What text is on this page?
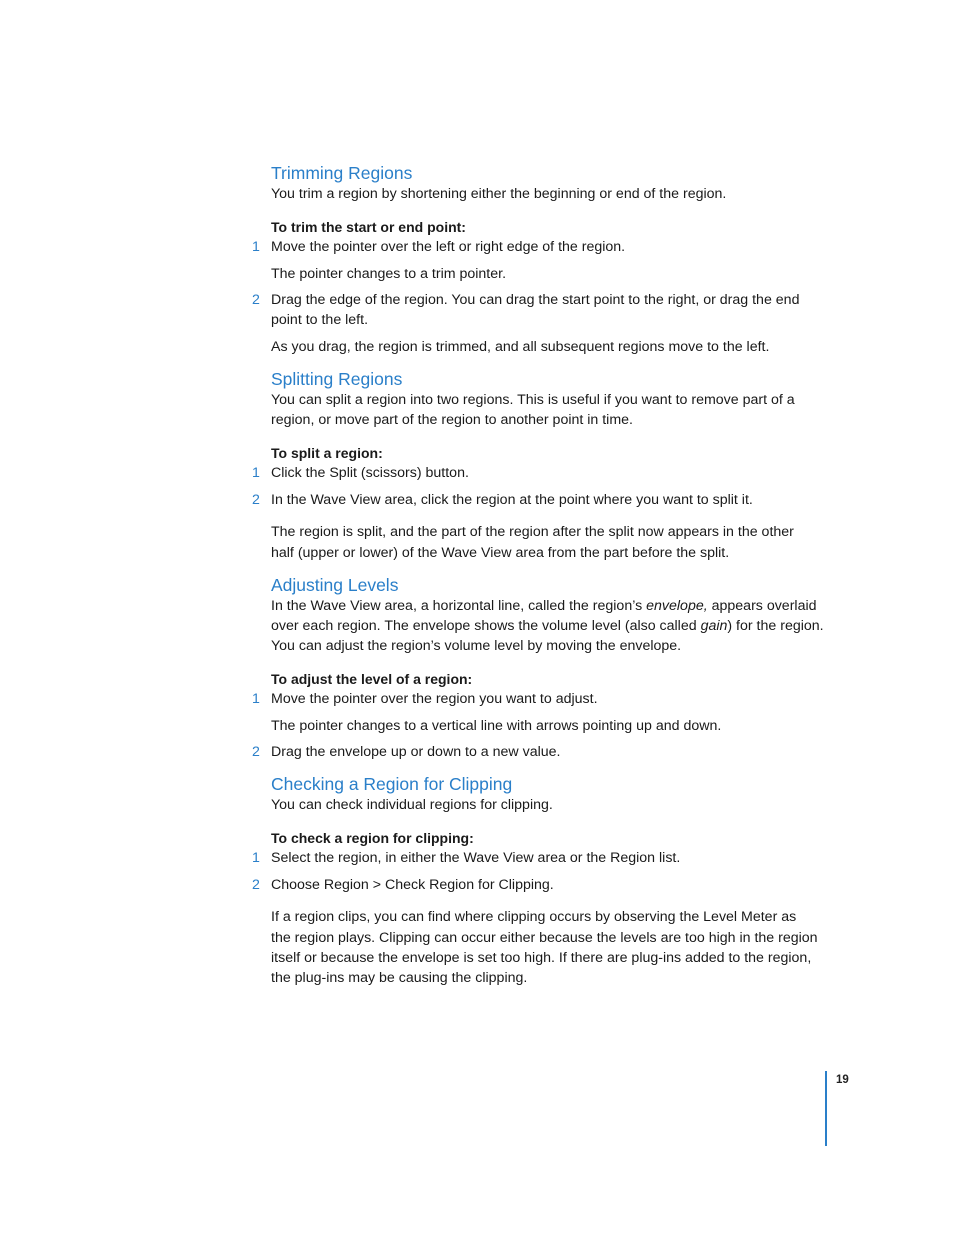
Trimming Regions

You trim a region by shortening either the beginning or end of the region.

To trim the start or end point:

1 Move the pointer over the left or right edge of the region.

The pointer changes to a trim pointer.

2 Drag the edge of the region. You can drag the start point to the right, or drag the end

point to the left.

As you drag, the region is trimmed, and all subsequent regions move to the left.

Splitting Regions

You can split a region into two regions. This is useful if you want to remove part of a

region, or move part of the region to another point in time.

To split a region:

1 Click the Split (scissors) button.

2 In the Wave View area, click the region at the point where you want to split it.

The region is split, and the part of the region after the split now appears in the other

half (upper or lower) of the Wave View area from the part before the split.

Adjusting Levels

In the Wave View area, a horizontal line, called the region’s envelope, appears overlaid

over each region. The envelope shows the volume level (also called gain) for the region.

You can adjust the region’s volume level by moving the envelope.

To adjust the level of a region:

1 Move the pointer over the region you want to adjust.

The pointer changes to a vertical line with arrows pointing up and down.

2 Drag the envelope up or down to a new value.

Checking a Region for Clipping

You can check individual regions for clipping.

To check a region for clipping:

1 Select the region, in either the Wave View area or the Region list.

2 Choose Region > Check Region for Clipping.

If a region clips, you can find where clipping occurs by observing the Level Meter as

the region plays. Clipping can occur either because the levels are too high in the region

itself or because the envelope is set too high. If there are plug-ins added to the region,

the plug-ins may be causing the clipping.

19
